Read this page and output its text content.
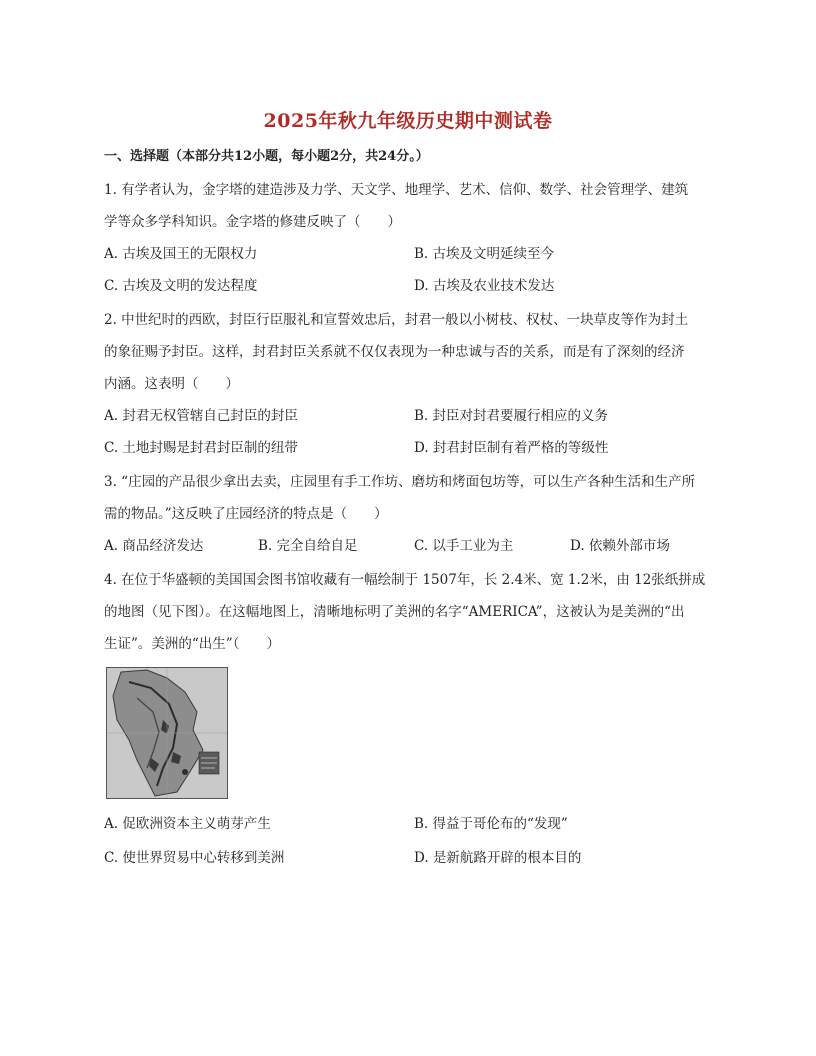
2025年秋九年级历史期中测试卷
一、选择题（本部分共12小题，每小题2分，共24分。）
1. 有学者认为，金字塔的建造涉及力学、天文学、地理学、艺术、信仰、数学、社会管理学、建筑
学等众多学科知识。金字塔的修建反映了（　　）
A. 古埃及国王的无限权力	B. 古埃及文明延续至今
C. 古埃及文明的发达程度	D. 古埃及农业技术发达
2. 中世纪时的西欧，封臣行臣服礼和宣誓效忠后，封君一般以小树枝、权杖、一块草皮等作为封土
的象征赐予封臣。这样，封君封臣关系就不仅仅表现为一种忠诚与否的关系，而是有了深刻的经济
内涵。这表明（　　）
A. 封君无权管辖自己封臣的封臣	B. 封臣对封君要履行相应的义务
C. 土地封赐是封君封臣制的纽带	D. 封君封臣制有着严格的等级性
3. “庄园的产品很少拿出去卖，庄园里有手工作坊、磨坊和烤面包坊等，可以生产各种生活和生产所
需的物品。”这反映了庄园经济的特点是（　　）
A. 商品经济发达	B. 完全自给自足	C. 以手工业为主	D. 依赖外部市场
4. 在位于华盛顿的美国国会图书馆收藏有一幅绘制于 1507年，长 2.4米、宽 1.2米，由 12张纸拼成
的地图（见下图）。在这幅地图上，清晰地标明了美洲的名字“AMERICA”，这被认为是美洲的“出
生证”。美洲的“出生”（　　）
A. 促欧洲资本主义萌芽产生	B. 得益于哥伦布的“发现”
C. 使世界贸易中心转移到美洲	D. 是新航路开辟的根本目的
